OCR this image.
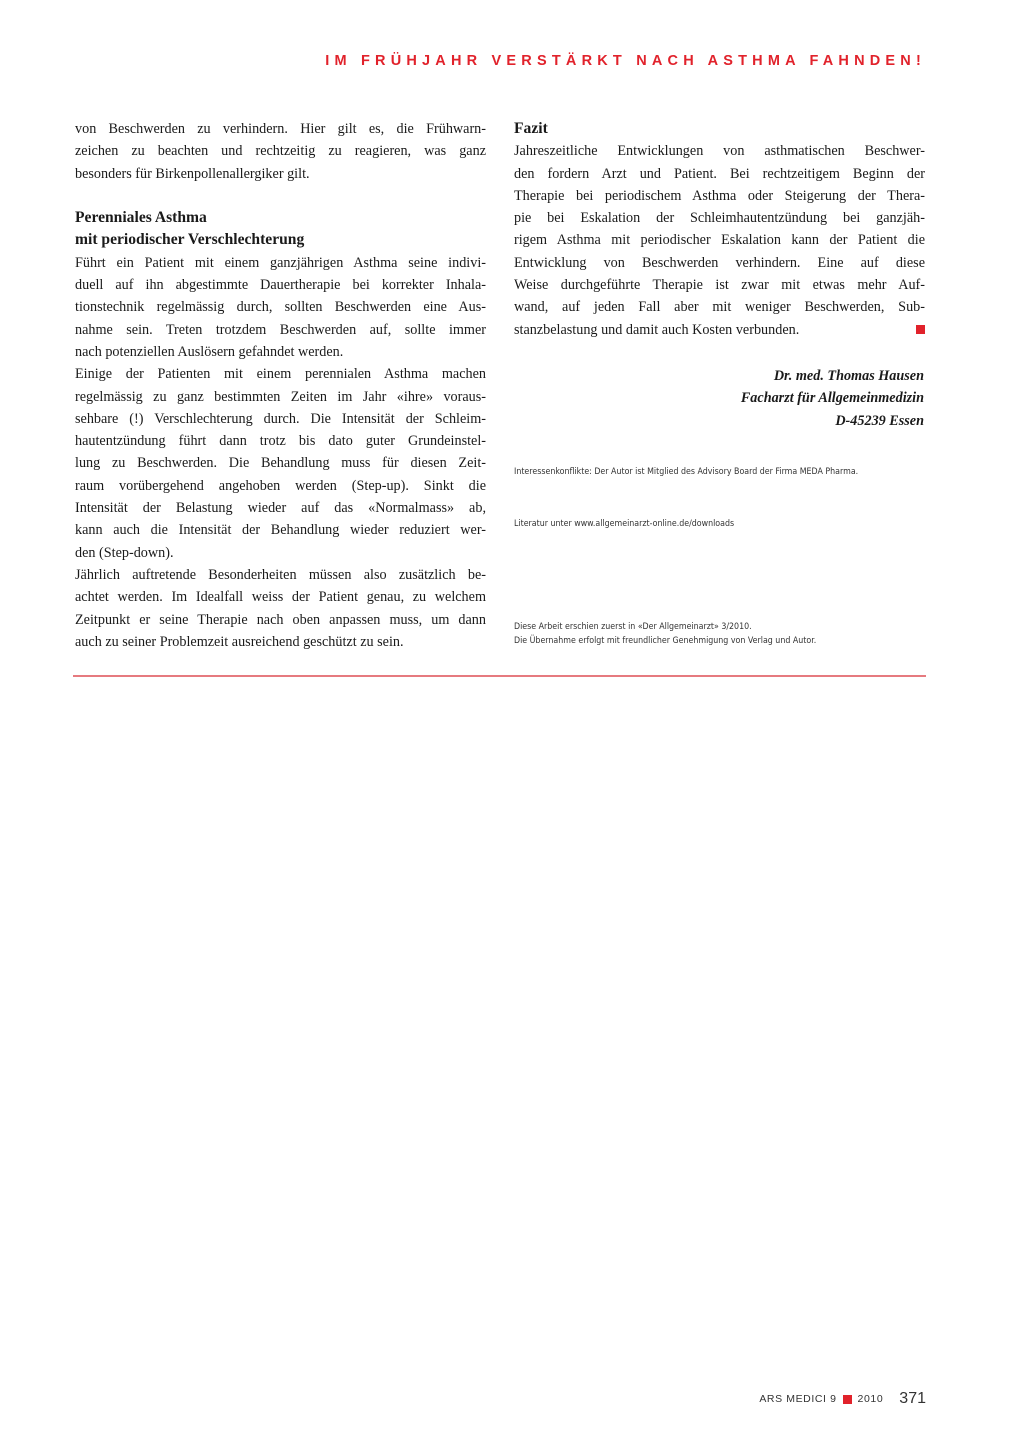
IM FRÜHJAHR VERSTÄRKT NACH ASTHMA FAHNDEN!
von Beschwerden zu verhindern. Hier gilt es, die Frühwarn-
zeichen zu beachten und rechtzeitig zu reagieren, was ganz
besonders für Birkenpollenallergiker gilt.
Perenniales Asthma
mit periodischer Verschlechterung
Führt ein Patient mit einem ganzjährigen Asthma seine indivi-
duell auf ihn abgestimmte Dauertherapie bei korrekter Inhala-
tionstechnik regelmässig durch, sollten Beschwerden eine Aus-
nahme sein. Treten trotzdem Beschwerden auf, sollte immer
nach potenziellen Auslösern gefahndet werden.
Einige der Patienten mit einem perennialen Asthma machen
regelmässig zu ganz bestimmten Zeiten im Jahr «ihre» voraus-
sehbare (!) Verschlechterung durch. Die Intensität der Schleim-
hautentzündung führt dann trotz bis dato guter Grundeinstel-
lung zu Beschwerden. Die Behandlung muss für diesen Zeit-
raum vorübergehend angehoben werden (Step-up). Sinkt die
Intensität der Belastung wieder auf das «Normalmass» ab,
kann auch die Intensität der Behandlung wieder reduziert wer-
den (Step-down).
Jährlich auftretende Besonderheiten müssen also zusätzlich be-
achtet werden. Im Idealfall weiss der Patient genau, zu welchem
Zeitpunkt er seine Therapie nach oben anpassen muss, um dann
auch zu seiner Problemzeit ausreichend geschützt zu sein.
Fazit
Jahreszeitliche Entwicklungen von asthmatischen Beschwer-
den fordern Arzt und Patient. Bei rechtzeitigem Beginn der
Therapie bei periodischem Asthma oder Steigerung der Thera-
pie bei Eskalation der Schleimhautentzündung bei ganzjäh-
rigem Asthma mit periodischer Eskalation kann der Patient die
Entwicklung von Beschwerden verhindern. Eine auf diese
Weise durchgeführte Therapie ist zwar mit etwas mehr Auf-
wand, auf jeden Fall aber mit weniger Beschwerden, Sub-
stanzbelastung und damit auch Kosten verbunden.
Dr. med. Thomas Hausen
Facharzt für Allgemeinmedizin
D-45239 Essen
Interessenkonflikte: Der Autor ist Mitglied des Advisory Board der Firma MEDA Pharma.
Literatur unter www.allgemeinarzt-online.de/downloads
Diese Arbeit erschien zuerst in «Der Allgemeinarzt» 3/2010.
Die Übernahme erfolgt mit freundlicher Genehmigung von Verlag und Autor.
ARS MEDICI 9 2010 371
